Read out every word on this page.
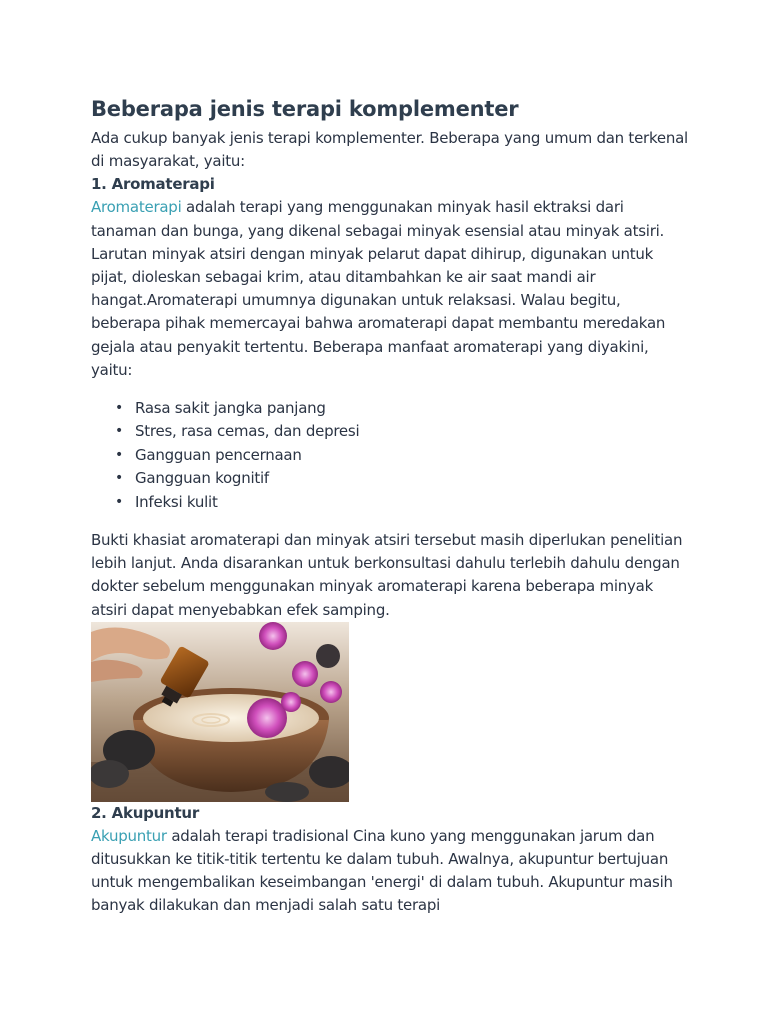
Beberapa jenis terapi komplementer

Ada cukup banyak jenis terapi komplementer. Beberapa yang umum dan terkenal di masyarakat, yaitu:

1. Aromaterapi

Aromaterapi adalah terapi yang menggunakan minyak hasil ektraksi dari tanaman dan bunga, yang dikenal sebagai minyak esensial atau minyak atsiri. Larutan minyak atsiri dengan minyak pelarut dapat dihirup, digunakan untuk pijat, dioleskan sebagai krim, atau ditambahkan ke air saat mandi air hangat.Aromaterapi umumnya digunakan untuk relaksasi. Walau begitu, beberapa pihak memercayai bahwa aromaterapi dapat membantu meredakan gejala atau penyakit tertentu. Beberapa manfaat aromaterapi yang diyakini, yaitu:

• Rasa sakit jangka panjang
• Stres, rasa cemas, dan depresi
• Gangguan pencernaan
• Gangguan kognitif
• Infeksi kulit

Bukti khasiat aromaterapi dan minyak atsiri tersebut masih diperlukan penelitian lebih lanjut. Anda disarankan untuk berkonsultasi dahulu terlebih dahulu dengan dokter sebelum menggunakan minyak aromaterapi karena beberapa minyak atsiri dapat menyebabkan efek samping.

2. Akupuntur

Akupuntur adalah terapi tradisional Cina kuno yang menggunakan jarum dan ditusukkan ke titik-titik tertentu ke dalam tubuh. Awalnya, akupuntur bertujuan untuk mengembalikan keseimbangan 'energi' di dalam tubuh. Akupuntur masih banyak dilakukan dan menjadi salah satu terapi
